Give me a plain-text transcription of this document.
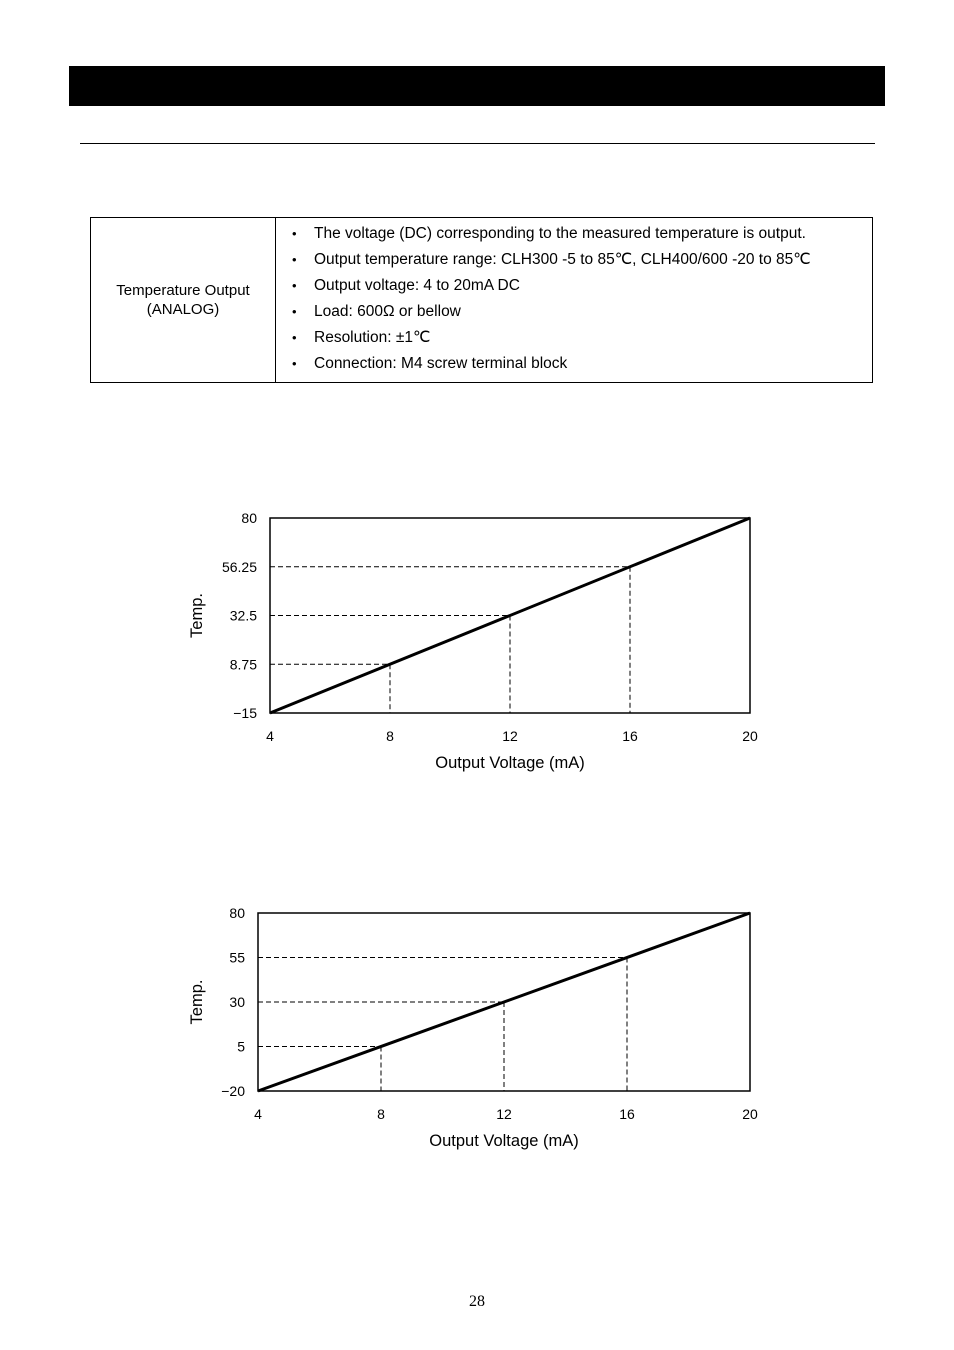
Temperature Output
(ANALOG)

• The voltage (DC) corresponding to the measured temperature is output.
• Output temperature range: CLH300 -5 to 85℃, CLH400/600 -20 to 85℃
• Output voltage: 4 to 20mA DC
• Load: 600Ω or bellow
• Resolution: ±1℃
• Connection: M4 screw terminal block
4	8	12	16	20
−15
8.75
32.5
56.25
80
Output Voltage (mA)
Temp.
4	8	12	16	20
−20
5
30
55
80
Output Voltage (mA)
Temp.
28
